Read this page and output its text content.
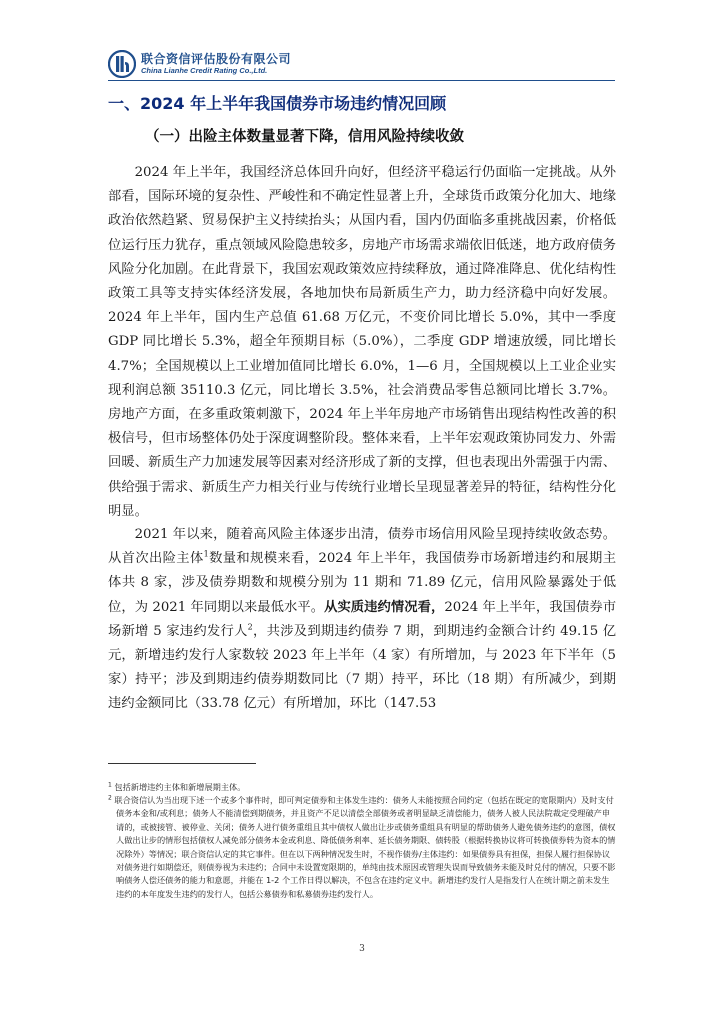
联合资信评估股份有限公司
China Lianhe Credit Rating Co.,Ltd.
一、2024 年上半年我国债券市场违约情况回顾
（一）出险主体数量显著下降，信用风险持续收敛

2024 年上半年，我国经济总体回升向好，但经济平稳运行仍面临一定挑战。从外部看，国际环境的复杂性、严峻性和不确定性显著上升，全球货币政策分化加大、地缘政治依然趋紧、贸易保护主义持续抬头；从国内看，国内仍面临多重挑战因素，价格低位运行压力犹存，重点领域风险隐患较多，房地产市场需求端依旧低迷，地方政府债务风险分化加剧。在此背景下，我国宏观政策效应持续释放，通过降准降息、优化结构性政策工具等支持实体经济发展，各地加快布局新质生产力，助力经济稳中向好发展。2024 年上半年，国内生产总值 61.68 万亿元，不变价同比增长 5.0%，其中一季度 GDP 同比增长 5.3%，超全年预期目标（5.0%），二季度 GDP 增速放缓，同比增长 4.7%；全国规模以上工业增加值同比增长 6.0%，1—6 月，全国规模以上工业企业实现利润总额 35110.3 亿元，同比增长 3.5%，社会消费品零售总额同比增长 3.7%。房地产方面，在多重政策刺激下，2024 年上半年房地产市场销售出现结构性改善的积极信号，但市场整体仍处于深度调整阶段。整体来看，上半年宏观政策协同发力、外需回暖、新质生产力加速发展等因素对经济形成了新的支撑，但也表现出外需强于内需、供给强于需求、新质生产力相关行业与传统行业增长呈现显著差异的特征，结构性分化明显。

2021 年以来，随着高风险主体逐步出清，债券市场信用风险呈现持续收敛态势。从首次出险主体$^1$数量和规模来看，2024 年上半年，我国债券市场新增违约和展期主体共 8 家，涉及债券期数和规模分别为 11 期和 71.89 亿元，信用风险暴露处于低位，为 2021 年同期以来最低水平。从实质违约情况看，2024 年上半年，我国债券市场新增 5 家违约发行人$^2$，共涉及到期违约债券 7 期，到期违约金额合计约 49.15 亿元，新增违约发行人家数较 2023 年上半年（4 家）有所增加，与 2023 年下半年（5 家）持平；涉及到期违约债券期数同比（7 期）持平，环比（18 期）有所减少，到期违约金额同比（33.78 亿元）有所增加，环比（147.53

$^1$ 包括新增违约主体和新增展期主体。

$^2$ 联合资信认为当出现下述一个或多个事件时，即可判定债券和主体发生违约：债务人未能按照合同约定（包括在既定的宽限期内）及时支付债务本金和/或利息；债务人不能清偿到期债务，并且资产不足以清偿全部债务或者明显缺乏清偿能力，债务人被人民法院裁定受理破产申请的，或被接管、被停业、关闭；债务人进行债务重组且其中债权人做出让步或债务重组具有明显的帮助债务人避免债务违约的意图，债权人做出让步的情形包括债权人减免部分债务本金或利息、降低债务利率、延长债务期限、债转股（根据转换协议将可转换债券转为资本的情况除外）等情况；联合资信认定的其它事件。但在以下两种情况发生时，不视作债券/主体违约：如果债券具有担保，担保人履行担保协议对债务进行如期偿还，则债券视为未违约；合同中未设置宽限期的，单纯由技术原因或管理失误而导致债务未能及时兑付的情况，只要不影响债务人偿还债务的能力和意愿，并能在 1-2 个工作日得以解决，不包含在违约定义中。新增违约发行人是指发行人在统计期之前未发生违约的本年度发生违约的发行人，包括公募债券和私募债券违约发行人。

3
